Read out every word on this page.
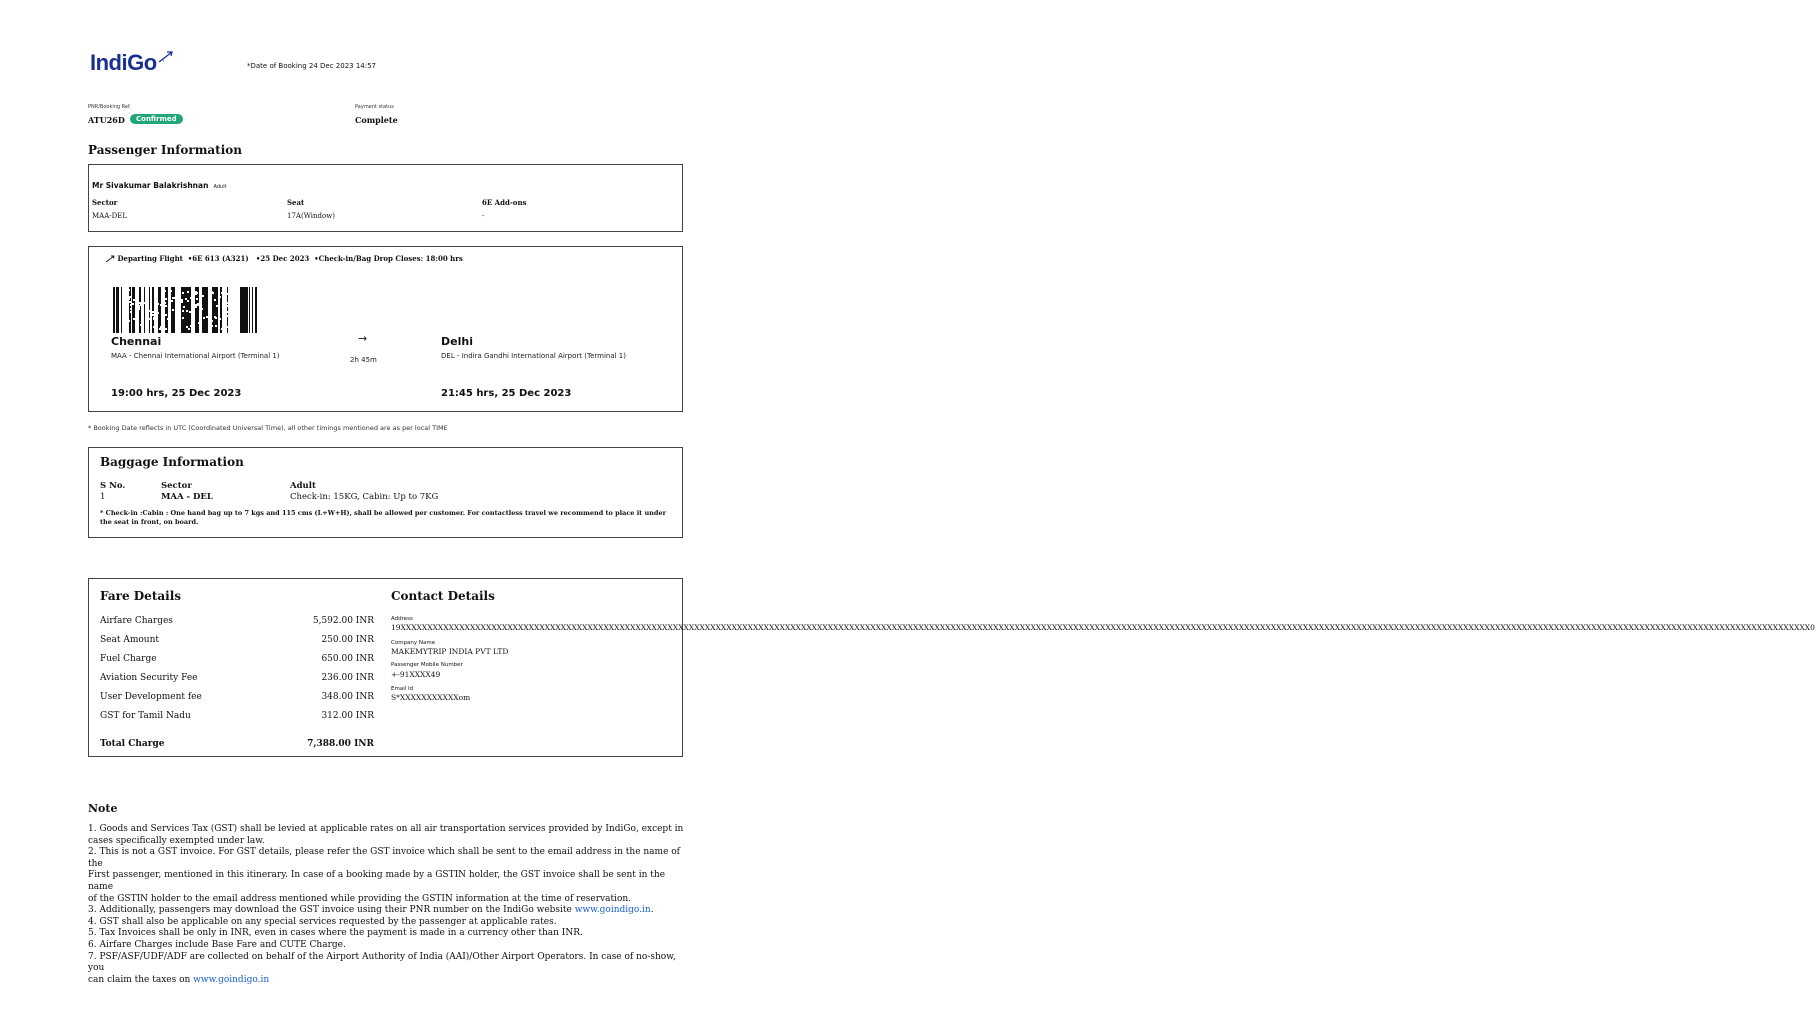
IndiGo	*Date of Booking 24 Dec 2023 14:57
PNR/Booking Ref.
ATU26D	Confirmed
Payment status
Complete
Passenger Information
Mr Sivakumar Balakrishnan Adult
Sector	Seat	6E Add-ons
MAA-DEL	17A(Window)	-
Departing Flight  •6E 613 (A321)   •25 Dec 2023  •Check-in/Bag Drop Closes: 18:00 hrs
Chennai
MAA - Chennai International Airport (Terminal 1)
→
2h 45m
Delhi
DEL - Indira Gandhi International Airport (Terminal 1)
19:00 hrs, 25 Dec 2023	21:45 hrs, 25 Dec 2023
* Booking Date reflects in UTC (Coordinated Universal Time), all other timings mentioned are as per local TIME
Baggage Information
S No.	Sector	Adult
1	MAA - DEL	Check-in: 15KG, Cabin: Up to 7KG
* Check-in :Cabin : One hand bag up to 7 kgs and 115 cms (L+W+H), shall be allowed per customer. For contactless travel we recommend to place it under the seat in front, on board.
Fare Details
Airfare Charges	5,592.00 INR
Seat Amount	250.00 INR
Fuel Charge	650.00 INR
Aviation Security Fee	236.00 INR
User Development fee	348.00 INR
GST for Tamil Nadu	312.00 INR
Total Charge	7,388.00 INR
Contact Details
Address
19XXXXXXXXXXXXXXXXXXXXXXXXXXXXXXXXXXXXXXXXXXXXXXXXXXXXXXXXXXXXXXXXXXXXXXXXXXXXXXXXXXXXXXXXXXXXXXXXXXXXXXXXXXXXXXXXXXXXXXXXXXXXXXXXXXXXXXXXXXXXXXXXXXXXXXXXXXXXXXXXXXXXXXXXXXXXXXXXXXXXXXXXXXXXXXXXXXXXXXXXXXXXXXXXXXXXXXXXXXXXXXXXXXXXXXXXXXXXXXXXXXXXXXXXXXXXXXXXXXXXXXXX0
Company Name
MAKEMYTRIP INDIA PVT LTD
Passenger Mobile Number
+-91XXXX49
Email Id
S*XXXXXXXXXXXom
Note
1. Goods and Services Tax (GST) shall be levied at applicable rates on all air transportation services provided by IndiGo, except in
cases specifically exempted under law.
2. This is not a GST invoice. For GST details, please refer the GST invoice which shall be sent to the email address in the name of the
First passenger, mentioned in this itinerary. In case of a booking made by a GSTIN holder, the GST invoice shall be sent in the name
of the GSTIN holder to the email address mentioned while providing the GSTIN information at the time of reservation.
3. Additionally, passengers may download the GST invoice using their PNR number on the IndiGo website www.goindigo.in.
4. GST shall also be applicable on any special services requested by the passenger at applicable rates.
5. Tax Invoices shall be only in INR, even in cases where the payment is made in a currency other than INR.
6. Airfare Charges include Base Fare and CUTE Charge.
7. PSF/ASF/UDF/ADF are collected on behalf of the Airport Authority of India (AAI)/Other Airport Operators. In case of no-show, you
can claim the taxes on www.goindigo.in
